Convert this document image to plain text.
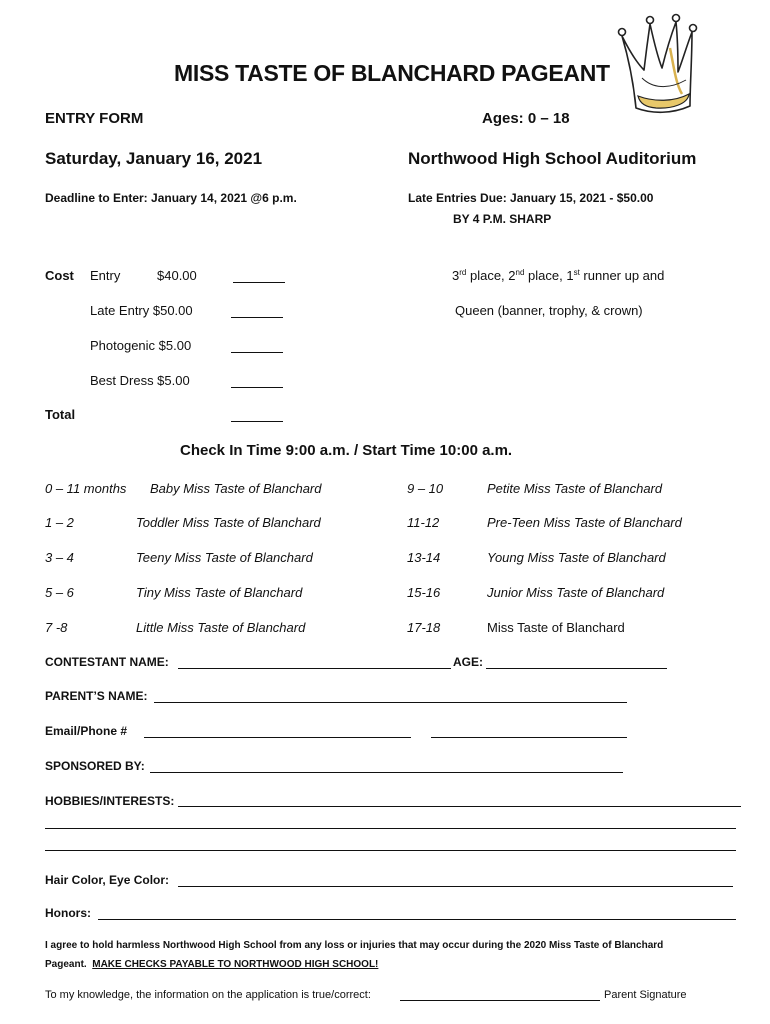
MISS TASTE OF BLANCHARD PAGEANT
ENTRY FORM	Ages: 0 – 18
Saturday, January 16, 2021	Northwood High School Auditorium
Deadline to Enter: January 14, 2021 @6 p.m.	Late Entries Due: January 15, 2021 - $50.00
BY 4 P.M. SHARP
Cost Entry	$40.00
Late Entry $50.00
Photogenic $5.00
Best Dress $5.00
Total
3rd place, 2nd place, 1st runner up and
Queen (banner, trophy, & crown)
Check In Time 9:00 a.m. / Start Time 10:00 a.m.
0 – 11 months Baby Miss Taste of Blanchard	9 – 10	Petite Miss Taste of Blanchard
1 – 2	Toddler Miss Taste of Blanchard	11-12	Pre-Teen Miss Taste of Blanchard
3 – 4	Teeny Miss Taste of Blanchard	13-14	Young Miss Taste of Blanchard
5 – 6	Tiny Miss Taste of Blanchard	15-16	Junior Miss Taste of Blanchard
7 -8	Little Miss Taste of Blanchard	17-18	Miss Taste of Blanchard
CONTESTANT NAME:	AGE:
PARENT’S NAME:
Email/Phone #
SPONSORED BY:
HOBBIES/INTERESTS:
Hair Color, Eye Color:
Honors:
I agree to hold harmless Northwood High School from any loss or injuries that may occur during the 2020 Miss Taste of Blanchard
Pageant. MAKE CHECKS PAYABLE TO NORTHWOOD HIGH SCHOOL!
To my knowledge, the information on the application is true/correct:	Parent Signature
